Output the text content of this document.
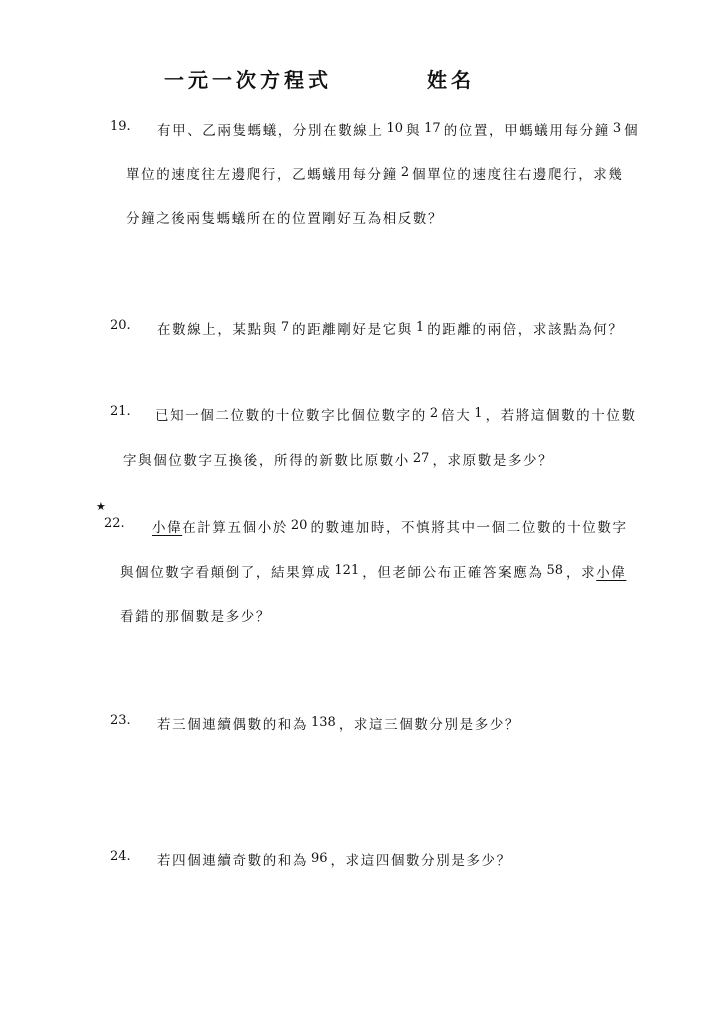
一元一次方程式	姓名
19. 有甲、乙兩隻螞蟻，分別在數線上 10 與 17 的位置，甲螞蟻用每分鐘 3 個
單位的速度往左邊爬行，乙螞蟻用每分鐘 2 個單位的速度往右邊爬行，求幾
分鐘之後兩隻螞蟻所在的位置剛好互為相反數？
20. 在數線上，某點與 7 的距離剛好是它與 1 的距離的兩倍，求該點為何？
21. 已知一個二位數的十位數字比個位數字的 2 倍大 1 ，若將這個數的十位數
字與個位數字互換後，所得的新數比原數小 27 ，求原數是多少？
★
22. 小偉在計算五個小於 20 的數連加時，不慎將其中一個二位數的十位數字
與個位數字看顛倒了，結果算成 121 ，但老師公布正確答案應為 58 ，求小偉
看錯的那個數是多少？
23. 若三個連續偶數的和為 138 ，求這三個數分別是多少？
24. 若四個連續奇數的和為 96 ，求這四個數分別是多少？
